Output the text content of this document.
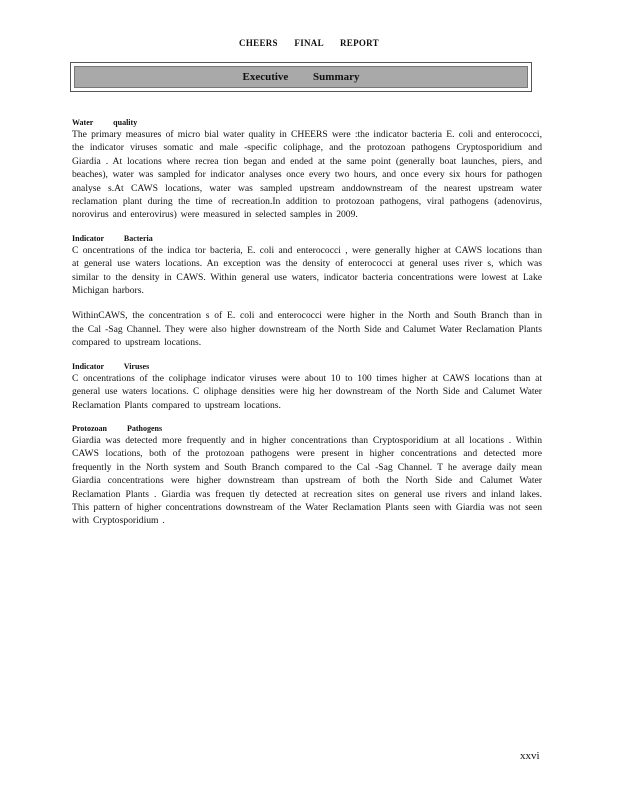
CHEERS FINAL REPORT
Executive Summary
Water quality

The primary measures of micro bial water quality in CHEERS were :the indicator bacteria E. coli and enterococci, the indicator viruses somatic and male -specific coliphage, and the protozoan pathogens Cryptosporidium and Giardia . At locations where recrea tion began and ended at the same point (generally boat launches, piers, and beaches), water was sampled for indicator analyses once every two hours, and once every six hours for pathogen analyse s.At CAWS locations, water was sampled upstream anddownstream of the nearest upstream water reclamation plant during the time of recreation.In addition to protozoan pathogens, viral pathogens (adenovirus, norovirus and enterovirus) were measured in selected samples in 2009.

Indicator Bacteria

C oncentrations of the indica tor bacteria, E. coli and enterococci , were generally higher at CAWS locations than at general use waters locations. An exception was the density of enterococci at general uses river s, which was similar to the density in CAWS. Within general use waters, indicator bacteria concentrations were lowest at Lake Michigan harbors.

WithinCAWS, the concentration s of E. coli and enterococci were higher in the North and South Branch than in the Cal -Sag Channel. They were also higher downstream of the North Side and Calumet Water Reclamation Plants compared to upstream locations.

Indicator Viruses

C oncentrations of the coliphage indicator viruses were about 10 to 100 times higher at CAWS locations than at general use waters locations. C oliphage densities were hig her downstream of the North Side and Calumet Water Reclamation Plants compared to upstream locations.

Protozoan Pathogens

Giardia was detected more frequently and in higher concentrations than Cryptosporidium at all locations . Within CAWS locations, both of the protozoan pathogens were present in higher concentrations and detected more frequently in the North system and South Branch compared to the Cal -Sag Channel. T he average daily mean Giardia concentrations were higher downstream than upstream of both the North Side and Calumet Water Reclamation Plants . Giardia was frequen tly detected at recreation sites on general use rivers and inland lakes. This pattern of higher concentrations downstream of the Water Reclamation Plants seen with Giardia was not seen with Cryptosporidium .

xxvi
